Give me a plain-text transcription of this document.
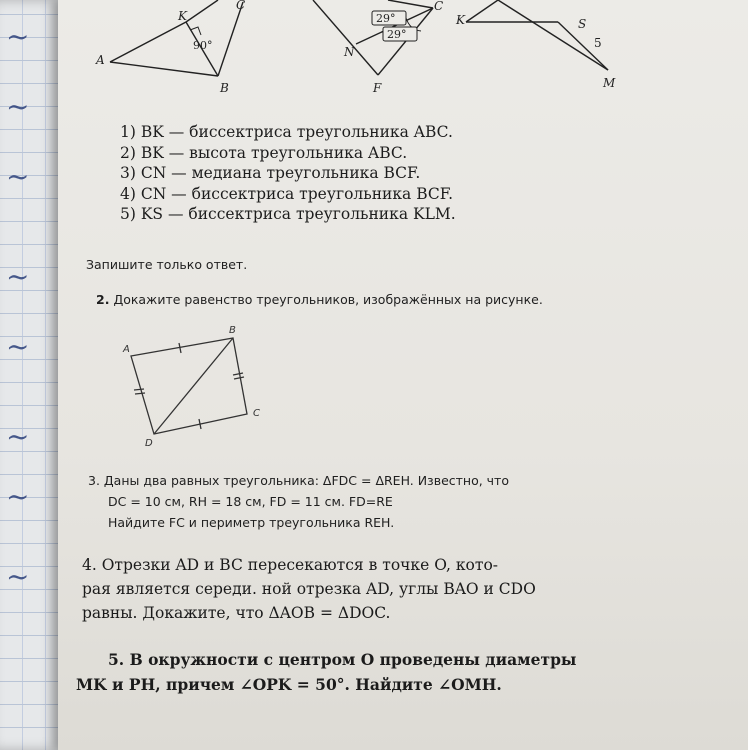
~
~
~
~
~
~
~
~
K
C
A
B
90°
C
N
F
29°
29°
K	S
M
5
1) BK — биссектриса треугольника ABC.
2) BK — высота треугольника ABC.
3) CN — медиана треугольника BCF.
4) CN — биссектриса треугольника BCF.
5) KS — биссектриса треугольника KLM.
Запишите только ответ.
2. Докажите равенство треугольников, изображённых на рисунке.
A
B
C
D
3. Даны два равных треугольника: ΔFDC = ΔREH. Известно, что
DC = 10 см, RH = 18 см, FD = 11 см. FD=RE
Найдите FC и периметр треугольника REH.
4. Отрезки AD и BC пересекаются в точке O, кото-
рая является середи. ной отрезка AD, углы BAO и CDO
равны. Докажите, что ΔAOB = ΔDOC.
5. В окружности с центром O проведены диаметры
MK и PH, причем ∠OPK = 50°. Найдите ∠OMH.
